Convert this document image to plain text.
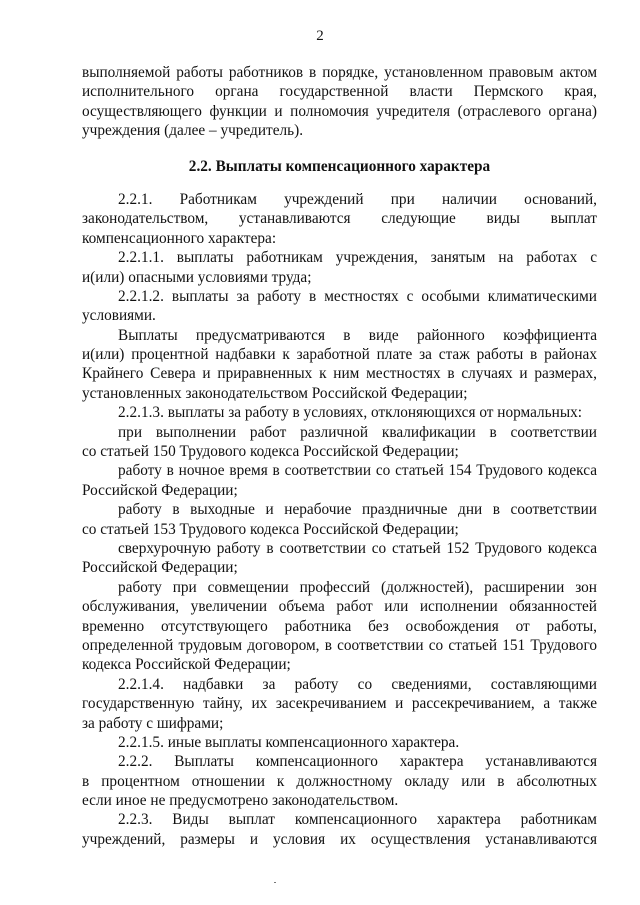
2
выполняемой работы работников в порядке, установленном правовым актом
исполнительного органа государственной власти Пермского края,
осуществляющего функции и полномочия учредителя (отраслевого органа)
учреждения (далее – учредитель).
2.2. Выплаты компенсационного характера
2.2.1. Работникам учреждений при наличии оснований,
законодательством, устанавливаются следующие виды выплат
компенсационного характера:
2.2.1.1. выплаты работникам учреждения, занятым на работах с
и(или) опасными условиями труда;
2.2.1.2. выплаты за работу в местностях с особыми климатическими
условиями.
Выплаты предусматриваются в виде районного коэффициента
и(или) процентной надбавки к заработной плате за стаж работы в районах
Крайнего Севера и приравненных к ним местностях в случаях и размерах,
установленных законодательством Российской Федерации;
2.2.1.3. выплаты за работу в условиях, отклоняющихся от нормальных:
при выполнении работ различной квалификации в соответствии
со статьей 150 Трудового кодекса Российской Федерации;
работу в ночное время в соответствии со статьей 154 Трудового кодекса
Российской Федерации;
работу в выходные и нерабочие праздничные дни в соответствии
со статьей 153 Трудового кодекса Российской Федерации;
сверхурочную работу в соответствии со статьей 152 Трудового кодекса
Российской Федерации;
работу при совмещении профессий (должностей), расширении зон
обслуживания, увеличении объема работ или исполнении обязанностей
временно отсутствующего работника без освобождения от работы,
определенной трудовым договором, в соответствии со статьей 151 Трудового
кодекса Российской Федерации;
2.2.1.4. надбавки за работу со сведениями, составляющими
государственную тайну, их засекречиванием и рассекречиванием, а также
за работу с шифрами;
2.2.1.5. иные выплаты компенсационного характера.
2.2.2. Выплаты компенсационного характера устанавливаются
в процентном отношении к должностному окладу или в абсолютных
если иное не предусмотрено законодательством.
2.2.3. Виды выплат компенсационного характера работникам
учреждений, размеры и условия их осуществления устанавливаются
